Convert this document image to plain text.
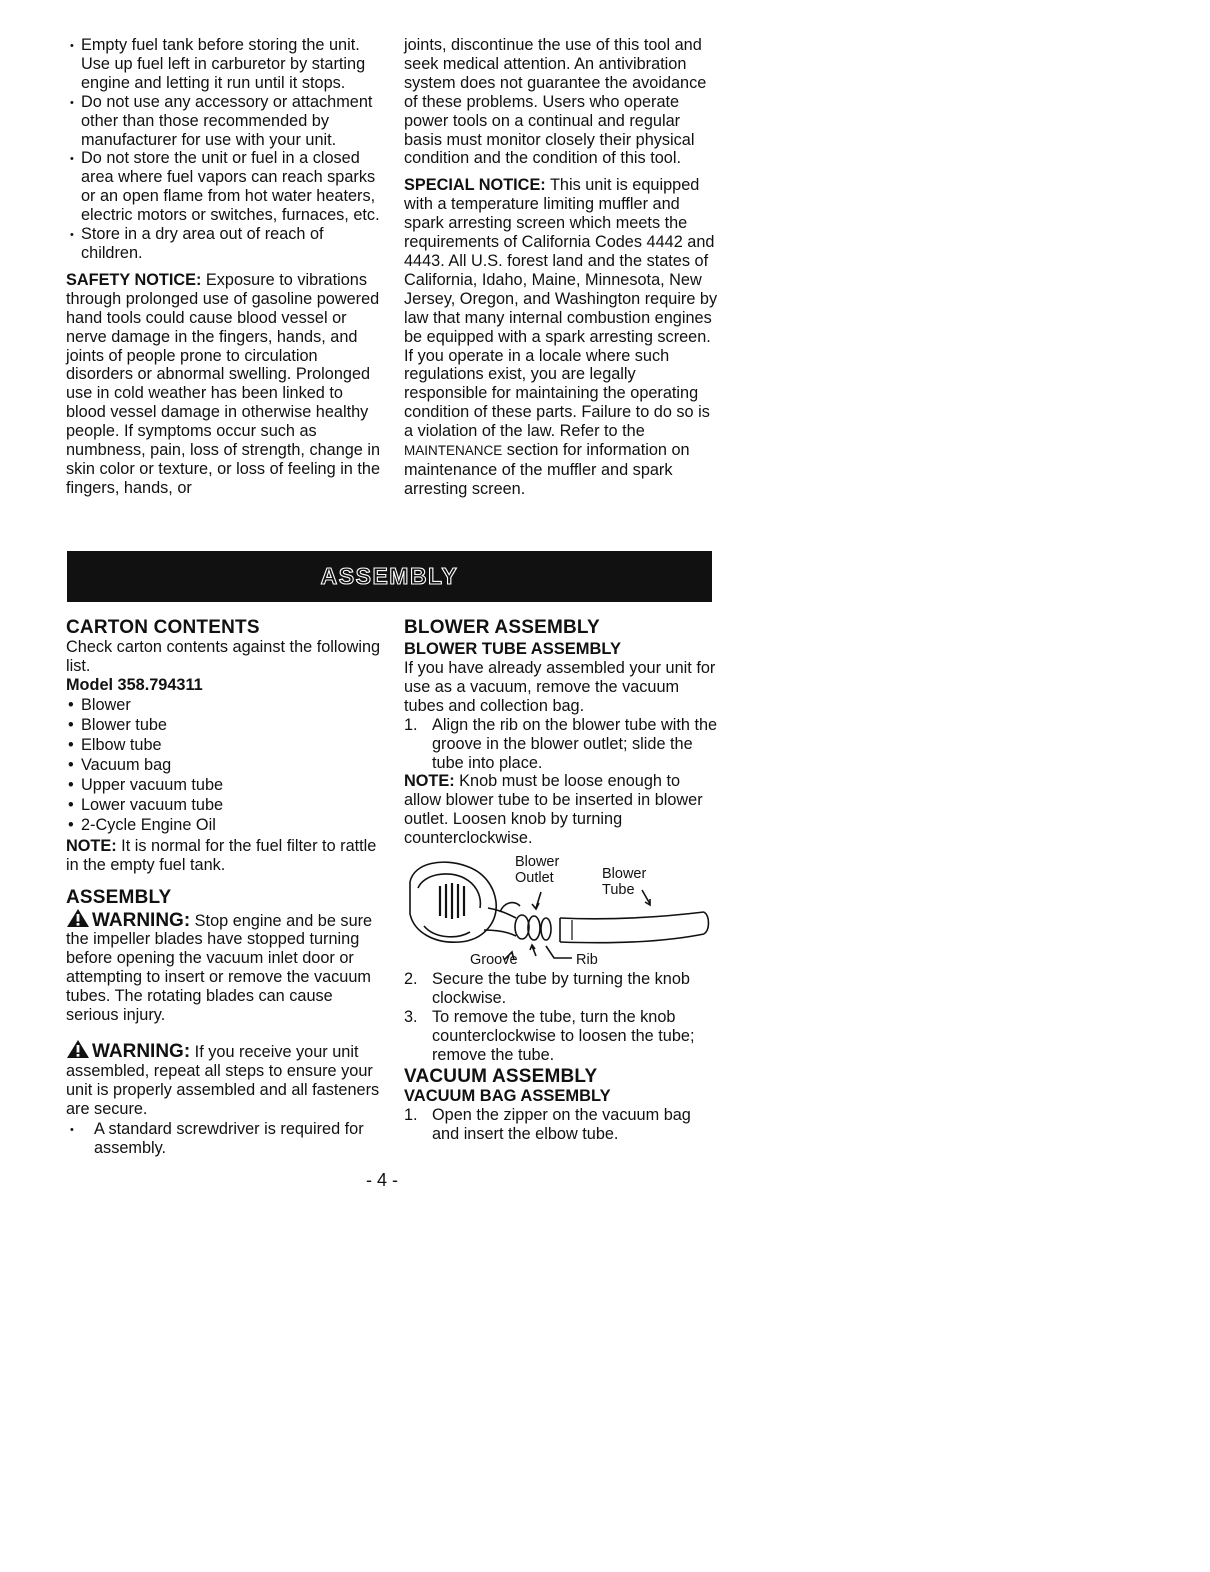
• Empty fuel tank before storing the unit. Use up fuel left in carburetor by starting engine and letting it run until it stops.
• Do not use any accessory or attachment other than those recommended by manufacturer for use with your unit.
• Do not store the unit or fuel in a closed area where fuel vapors can reach sparks or an open flame from hot water heaters, electric motors or switches, furnaces, etc.
• Store in a dry area out of reach of children.

SAFETY NOTICE: Exposure to vibrations through prolonged use of gasoline powered hand tools could cause blood vessel or nerve damage in the fingers, hands, and joints of people prone to circulation disorders or abnormal swelling. Prolonged use in cold weather has been linked to blood vessel damage in otherwise healthy people. If symptoms occur such as numbness, pain, loss of strength, change in skin color or texture, or loss of feeling in the fingers, hands, or

joints, discontinue the use of this tool and seek medical attention. An antivibration system does not guarantee the avoidance of these problems. Users who operate power tools on a continual and regular basis must monitor closely their physical condition and the condition of this tool.

SPECIAL NOTICE: This unit is equipped with a temperature limiting muffler and spark arresting screen which meets the requirements of California Codes 4442 and 4443. All U.S. forest land and the states of California, Idaho, Maine, Minnesota, New Jersey, Oregon, and Washington require by law that many internal combustion engines be equipped with a spark arresting screen. If you operate in a locale where such regulations exist, you are legally responsible for maintaining the operating condition of these parts. Failure to do so is a violation of the law. Refer to the MAINTENANCE section for information on maintenance of the muffler and spark arresting screen.

ASSEMBLY
CARTON CONTENTS

Check carton contents against the following list.

Model 358.794311

• Blower
• Blower tube
• Elbow tube
• Vacuum bag
• Upper vacuum tube
• Lower vacuum tube
• 2-Cycle Engine Oil

NOTE: It is normal for the fuel filter to rattle in the empty fuel tank.

ASSEMBLY

WARNING: Stop engine and be sure the impeller blades have stopped turning before opening the vacuum inlet door or attempting to insert or remove the vacuum tubes. The rotating blades can cause serious injury.

WARNING: If you receive your unit assembled, repeat all steps to ensure your unit is properly assembled and all fasteners are secure.

• A standard screwdriver is required for assembly.
BLOWER ASSEMBLY
BLOWER TUBE ASSEMBLY

If you have already assembled your unit for use as a vacuum, remove the vacuum tubes and collection bag.

1. Align the rib on the blower tube with the groove in the blower outlet; slide the tube into place.

NOTE: Knob must be loose enough to allow blower tube to be inserted in blower outlet. Loosen knob by turning counterclockwise.

Blower
Outlet	Blower
Tube
Groove	Rib
2. Secure the tube by turning the knob clockwise.
3. To remove the tube, turn the knob counterclockwise to loosen the tube; remove the tube.
VACUUM ASSEMBLY
VACUUM BAG ASSEMBLY
1. Open the zipper on the vacuum bag and insert the elbow tube.
- 4 -
